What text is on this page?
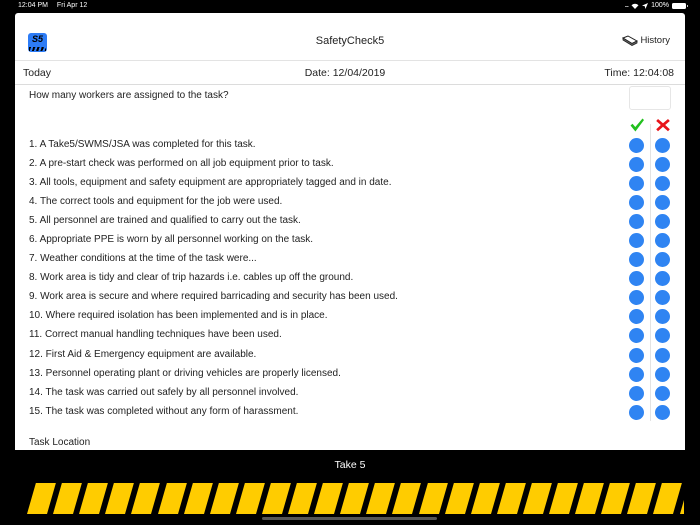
12:04 PM Fri Apr 12	....	100%
S5	SafetyCheck5	History
Today	Date: 12/04/2019	Time: 12:04:08
How many workers are assigned to the task?
1. A Take5/SWMS/JSA was completed for this task.
2. A pre-start check was performed on all job equipment prior to task.
3. All tools, equipment and safety equipment are appropriately tagged and in date.
4. The correct tools and equipment for the job were used.
5. All personnel are trained and qualified to carry out the task.
6. Appropriate PPE is worn by all personnel working on the task.
7. Weather conditions at the time of the task were...
8. Work area is tidy and clear of trip hazards i.e. cables up off the ground.
9. Work area is secure and where required barricading and security has been used.
10. Where required isolation has been implemented and is in place.
11. Correct manual handling techniques have been used.
12. First Aid & Emergency equipment are available.
13. Personnel operating plant or driving vehicles are properly licensed.
14. The task was carried out safely by all personnel involved.
15. The task was completed without any form of harassment.
Task Location
Take 5
